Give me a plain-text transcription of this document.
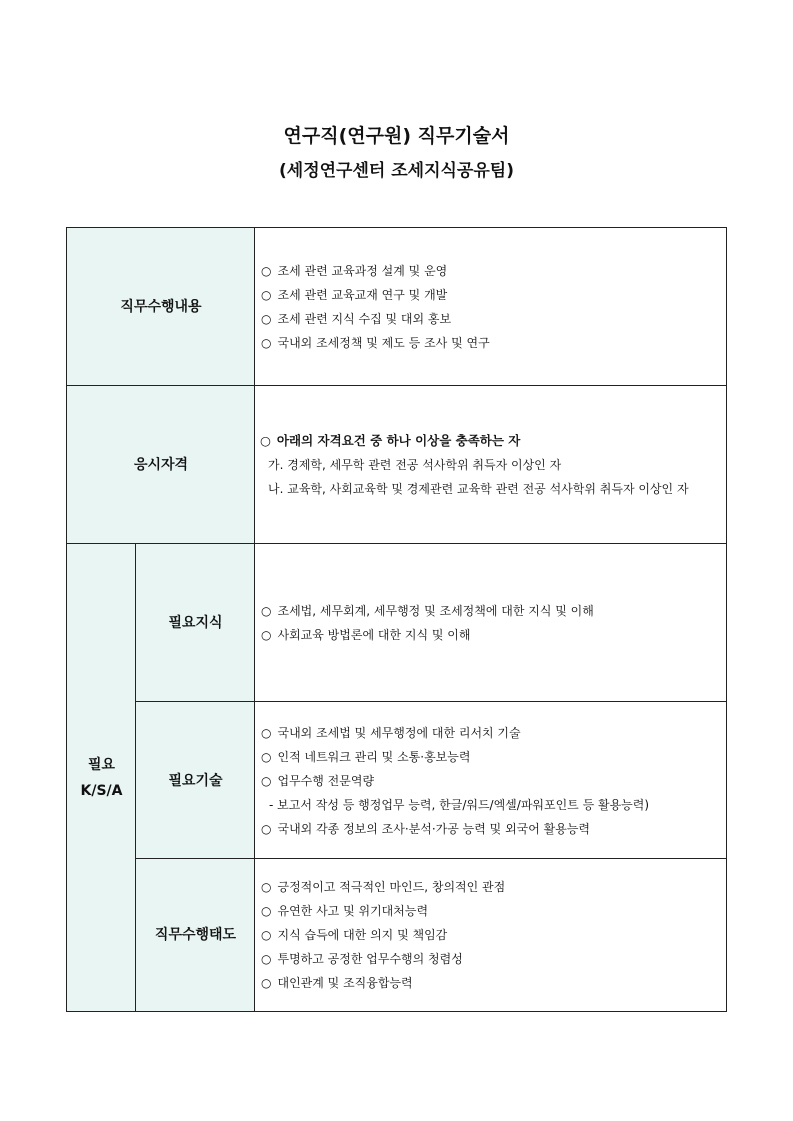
연구직(연구원) 직무기술서
(세정연구센터 조세지식공유팀)
직무수행내용
○ 조세 관련 교육과정 설계 및 운영
○ 조세 관련 교육교재 연구 및 개발
○ 조세 관련 지식 수집 및 대외 홍보
○ 국내외 조세정책 및 제도 등 조사 및 연구
응시자격
○ 아래의 자격요건 중 하나 이상을 충족하는 자
가. 경제학, 세무학 관련 전공 석사학위 취득자 이상인 자
나. 교육학, 사회교육학 및 경제관련 교육학 관련 전공 석사학위 취득자 이상인 자
필요
K/S/A
필요지식
○ 조세법, 세무회계, 세무행정 및 조세정책에 대한 지식 및 이해
○ 사회교육 방법론에 대한 지식 및 이해
필요기술
○ 국내외 조세법 및 세무행정에 대한 리서치 기술
○ 인적 네트워크 관리 및 소통·홍보능력
○ 업무수행 전문역량
- 보고서 작성 등 행정업무 능력, 한글/워드/엑셀/파워포인트 등 활용능력)
○ 국내외 각종 정보의 조사·분석·가공 능력 및 외국어 활용능력
직무수행태도
○ 긍정적이고 적극적인 마인드, 창의적인 관점
○ 유연한 사고 및 위기대처능력
○ 지식 습득에 대한 의지 및 책임감
○ 투명하고 공정한 업무수행의 청렴성
○ 대인관계 및 조직융합능력
